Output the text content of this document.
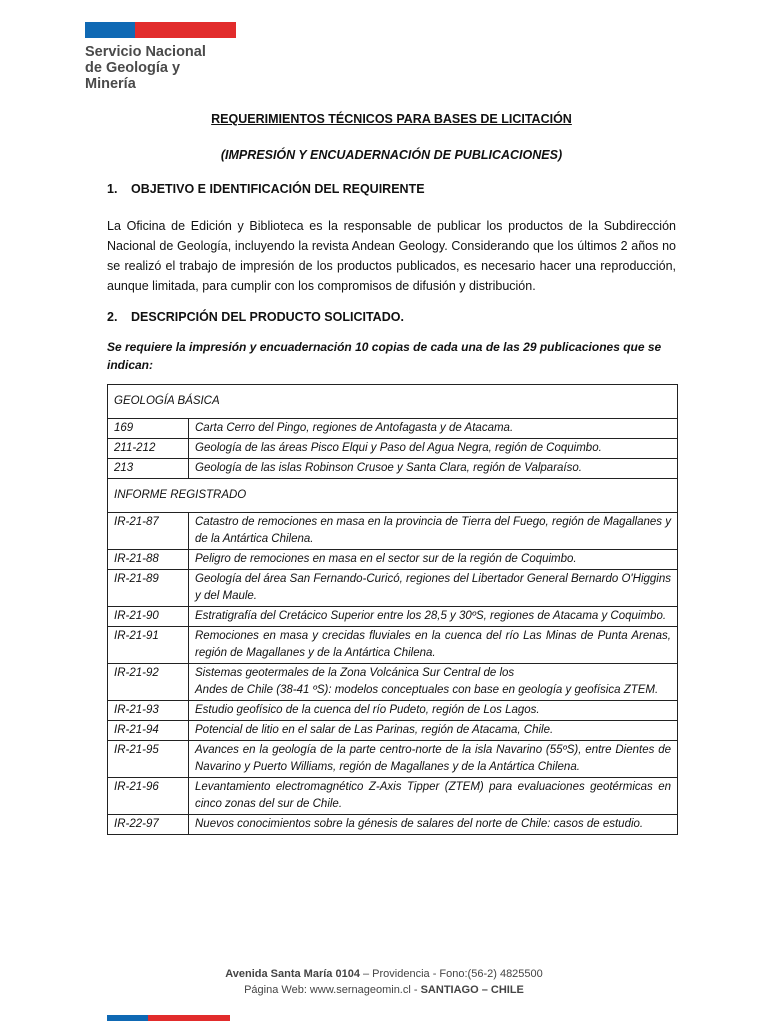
Servicio Nacional
de Geología y
Minería

REQUERIMIENTOS TÉCNICOS PARA BASES DE LICITACIÓN

(IMPRESIÓN Y ENCUADERNACIÓN DE PUBLICACIONES)

1. OBJETIVO E IDENTIFICACIÓN DEL REQUIRENTE

La Oficina de Edición y Biblioteca es la responsable de publicar los productos de la Subdirección Nacional de Geología, incluyendo la revista Andean Geology. Considerando que los últimos 2 años no se realizó el trabajo de impresión de los productos publicados, es necesario hacer una reproducción, aunque limitada, para cumplir con los compromisos de difusión y distribución.

2. DESCRIPCIÓN DEL PRODUCTO SOLICITADO.

Se requiere la impresión y encuadernación 10 copias de cada una de las 29 publicaciones que se indican:

GEOLOGÍA BÁSICA	
169	Carta Cerro del Pingo, regiones de Antofagasta y de Atacama.
211-212	Geología de las áreas Pisco Elqui y Paso del Agua Negra, región de Coquimbo.
213	Geología de las islas Robinson Crusoe y Santa Clara, región de Valparaíso.
INFORME REGISTRADO	
IR-21-87	Catastro de remociones en masa en la provincia de Tierra del Fuego, región de Magallanes y de la Antártica Chilena.
IR-21-88	Peligro de remociones en masa en el sector sur de la región de Coquimbo.
IR-21-89	Geología del área San Fernando-Curicó, regiones del Libertador General Bernardo O'Higgins y del Maule.
IR-21-90	Estratigrafía del Cretácico Superior entre los 28,5 y 30ºS, regiones de Atacama y Coquimbo.
IR-21-91	Remociones en masa y crecidas fluviales en la cuenca del río Las Minas de Punta Arenas, región de Magallanes y de la Antártica Chilena.
IR-21-92	Sistemas geotermales de la Zona Volcánica Sur Central de los
Andes de Chile (38-41 ºS): modelos conceptuales con base en geología y geofísica ZTEM.

IR-21-93	Estudio geofísico de la cuenca del río Pudeto, región de Los Lagos.
IR-21-94	Potencial de litio en el salar de Las Parinas, región de Atacama, Chile.
IR-21-95	Avances en la geología de la parte centro-norte de la isla Navarino (55ºS), entre Dientes de Navarino y Puerto Williams, región de Magallanes y de la Antártica Chilena.
IR-21-96	Levantamiento electromagnético Z-Axis Tipper (ZTEM) para evaluaciones geotérmicas en cinco zonas del sur de Chile.
IR-22-97	Nuevos conocimientos sobre la génesis de salares del norte de Chile: casos de estudio.
Avenida Santa María 0104 – Providencia - Fono:(56-2) 4825500
Página Web: www.sernageomin.cl - SANTIAGO – CHILE
